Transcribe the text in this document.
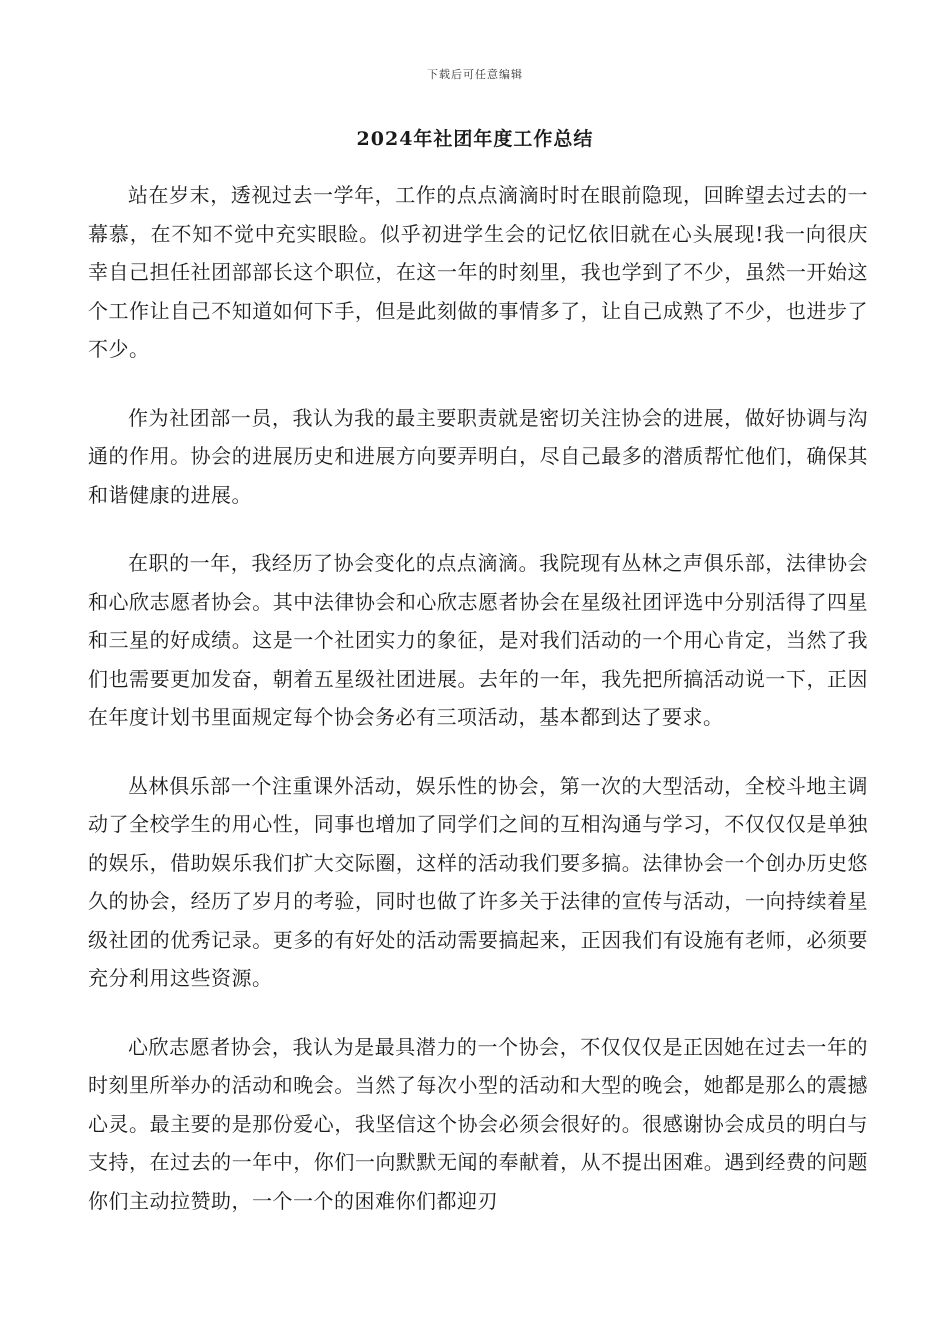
下载后可任意编辑
2024年社团年度工作总结

站在岁末，透视过去一学年，工作的点点滴滴时时在眼前隐现，回眸望去过去的一幕慕，在不知不觉中充实眼睑。似乎初进学生会的记忆依旧就在心头展现!我一向很庆幸自己担任社团部部长这个职位，在这一年的时刻里，我也学到了不少，虽然一开始这个工作让自己不知道如何下手，但是此刻做的事情多了，让自己成熟了不少，也进步了不少。

作为社团部一员，我认为我的最主要职责就是密切关注协会的进展，做好协调与沟通的作用。协会的进展历史和进展方向要弄明白，尽自己最多的潜质帮忙他们，确保其和谐健康的进展。

在职的一年，我经历了协会变化的点点滴滴。我院现有丛林之声俱乐部，法律协会和心欣志愿者协会。其中法律协会和心欣志愿者协会在星级社团评选中分别活得了四星和三星的好成绩。这是一个社团实力的象征，是对我们活动的一个用心肯定，当然了我们也需要更加发奋，朝着五星级社团进展。去年的一年，我先把所搞活动说一下，正因在年度计划书里面规定每个协会务必有三项活动，基本都到达了要求。

丛林俱乐部一个注重课外活动，娱乐性的协会，第一次的大型活动，全校斗地主调动了全校学生的用心性，同事也增加了同学们之间的互相沟通与学习，不仅仅仅是单独的娱乐，借助娱乐我们扩大交际圈，这样的活动我们要多搞。法律协会一个创办历史悠久的协会，经历了岁月的考验，同时也做了许多关于法律的宣传与活动，一向持续着星级社团的优秀记录。更多的有好处的活动需要搞起来，正因我们有设施有老师，必须要充分利用这些资源。

心欣志愿者协会，我认为是最具潜力的一个协会，不仅仅仅是正因她在过去一年的时刻里所举办的活动和晚会。当然了每次小型的活动和大型的晚会，她都是那么的震撼心灵。最主要的是那份爱心，我坚信这个协会必须会很好的。很感谢协会成员的明白与支持，在过去的一年中，你们一向默默无闻的奉献着，从不提出困难。遇到经费的问题你们主动拉赞助，一个一个的困难你们都迎刃
